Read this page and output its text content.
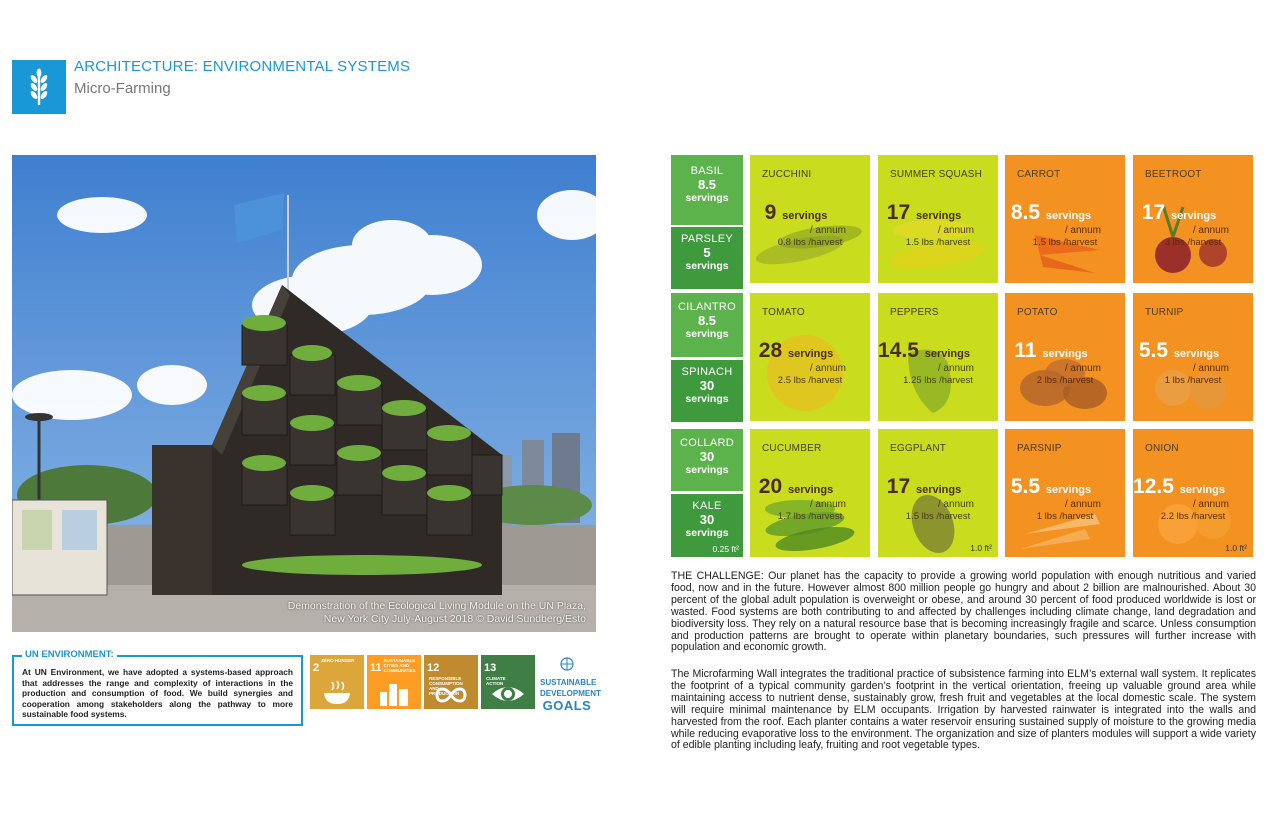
ARCHITECTURE: ENVIRONMENTAL SYSTEMS
Micro-Farming
Demonstration of the Ecological Living Module on the UN Plaza,
New York City July-August 2018 © David Sundberg/Esto
UN ENVIRONMENT:
At UN Environment, we have adopted a systems-based approach that addresses the range and complexity of interactions in the production and consumption of food. We build synergies and cooperation among stakeholders along the pathway to more sustainable food systems.
2ZERO HUNGER
11SUSTAINABLE CITIES AND COMMUNITIES	12RESPONSIBLE CONSUMPTION AND PRODUCTION
13CLIMATE ACTION	SUSTAINABLE
DEVELOPMENT
GOALS
BASIL
8.5
servings
PARSLEY
5
servings
CILANTRO
8.5
servings
SPINACH
30
servings
COLLARD
30
servings
KALE
30
servings
0.25 ft²
ZUCCHINI
9 servings
/ annum
0.8 lbs /harvest
SUMMER SQUASH
17 servings
/ annum
1.5 lbs /harvest
CARROT
8.5 servings
/ annum
1.5 lbs /harvest
BEETROOT
17 servings
/ annum
3 lbs /harvest
TOMATO
28 servings
/ annum
2.5 lbs /harvest
PEPPERS
14.5 servings
/ annum
1.25 lbs /harvest
POTATO
11 servings
/ annum
2 lbs /harvest
TURNIP
5.5 servings
/ annum
1 lbs /harvest
CUCUMBER
20 servings
/ annum
1.7 lbs /harvest
EGGPLANT
17 servings
/ annum
1.5 lbs /harvest
1.0 ft²
PARSNIP
5.5 servings
/ annum
1 lbs /harvest
ONION
12.5 servings
/ annum
2.2 lbs /harvest
1.0 ft²
THE CHALLENGE: Our planet has the capacity to provide a growing world population with enough nutritious and varied food, now and in the future. However almost 800 million people go hungry and about 2 billion are malnourished. About 30 percent of the global adult population is overweight or obese, and around 30 percent of food produced worldwide is lost or wasted. Food systems are both contributing to and affected by challenges including climate change, land degradation and biodiversity loss. They rely on a natural resource base that is becoming increasingly fragile and scarce. Unless consumption and production patterns are brought to operate within planetary boundaries, such pressures will further increase with population and economic growth.
The Microfarming Wall integrates the traditional practice of subsistence farming into ELM’s external wall system. It replicates the footprint of a typical community garden’s footprint in the vertical orientation, freeing up valuable ground area while maintaining access to nutrient dense, sustainably grow, fresh fruit and vegetables at the local domestic scale. The system will require minimal maintenance by ELM occupants. Irrigation by harvested rainwater is integrated into the walls and harvested from the roof. Each planter contains a water reservoir ensuring sustained supply of moisture to the growing media while reducing evaporative loss to the environment. The organization and size of planters modules will support a wide variety of edible planting including leafy, fruiting and root vegetable types.
